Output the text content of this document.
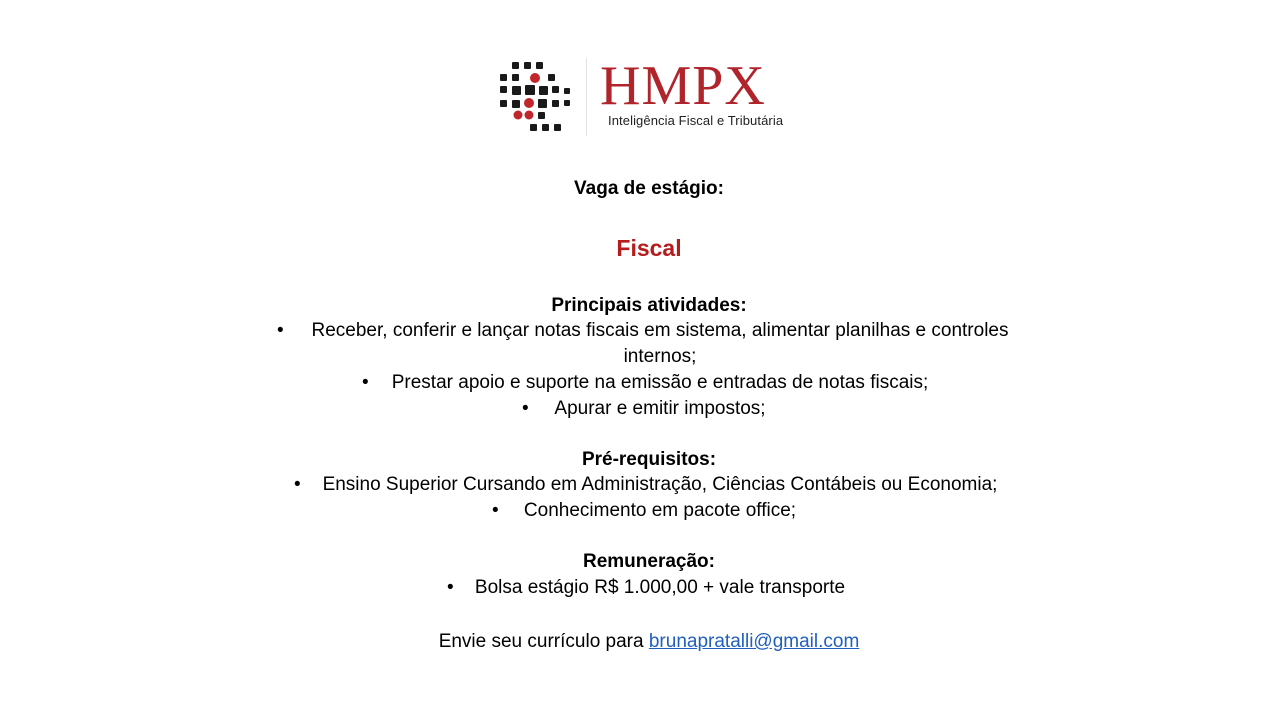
HMPX
Inteligência Fiscal e Tributária
Vaga de estágio:
Fiscal
Principais atividades:
•	Receber, conferir e lançar notas fiscais em sistema, alimentar planilhas e controles
internos;
•	Prestar apoio e suporte na emissão e entradas de notas fiscais;
•	Apurar e emitir impostos;
Pré-requisitos:
•	Ensino Superior Cursando em Administração, Ciências Contábeis ou Economia;
•	Conhecimento em pacote office;
Remuneração:
•	Bolsa estágio R$ 1.000,00 + vale transporte
Envie seu currículo para brunapratalli@gmail.com
